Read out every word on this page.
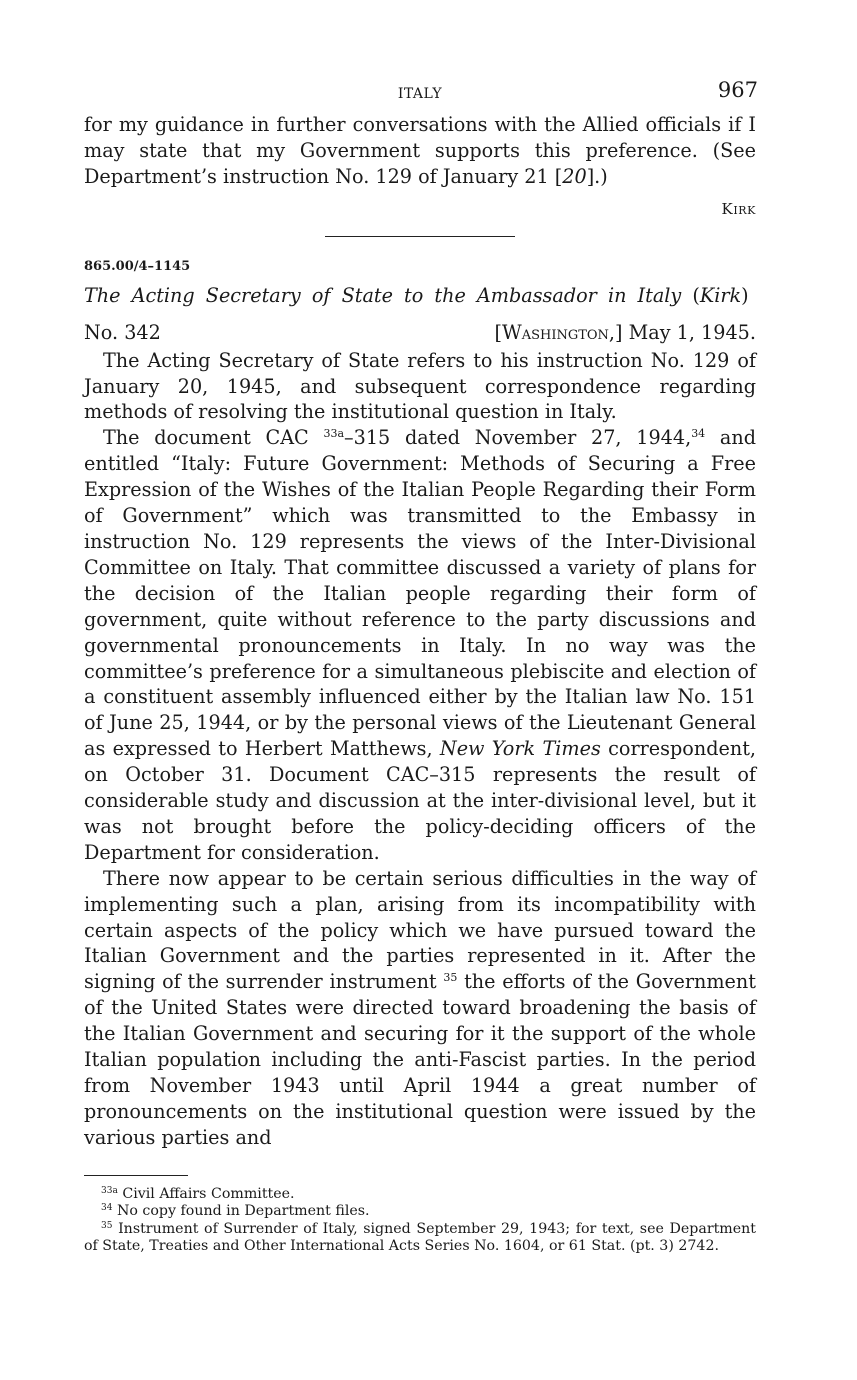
ITALY	967

for my guidance in further conversations with the Allied officials if I may state that my Government supports this preference. (See Department’s instruction No. 129 of January 21 [20].)

Kirk
865.00/4–1145
The Acting Secretary of State to the Ambassador in Italy (Kirk)
No. 342	[Washington,] May 1, 1945.

The Acting Secretary of State refers to his instruction No. 129 of January 20, 1945, and subsequent correspondence regarding methods of resolving the institutional question in Italy.

The document CAC $^{33a}$–315 dated November 27, 1944,34 and entitled “Italy: Future Government: Methods of Securing a Free Expression of the Wishes of the Italian People Regarding their Form of Government” which was transmitted to the Embassy in instruction No. 129 represents the views of the Inter-Divisional Committee on Italy. That committee discussed a variety of plans for the decision of the Italian people regarding their form of government, quite without reference to the party discussions and governmental pronouncements in Italy. In no way was the committee’s preference for a simultaneous plebiscite and election of a constituent assembly influenced either by the Italian law No. 151 of June 25, 1944, or by the personal views of the Lieutenant General as expressed to Herbert Matthews, New York Times correspondent, on October 31. Document CAC–315 represents the result of considerable study and discussion at the inter-divisional level, but it was not brought before the policy-deciding officers of the Department for consideration.

There now appear to be certain serious difficulties in the way of implementing such a plan, arising from its incompatibility with certain aspects of the policy which we have pursued toward the Italian Government and the parties represented in it. After the signing of the surrender instrument $^{35}$ the efforts of the Government of the United States were directed toward broadening the basis of the Italian Government and securing for it the support of the whole Italian population including the anti-Fascist parties. In the period from November 1943 until April 1944 a great number of pronouncements on the institutional question were issued by the various parties and

$^{33a}$ Civil Affairs Committee.

$^{34}$ No copy found in Department files.

$^{35}$ Instrument of Surrender of Italy, signed September 29, 1943; for text, see Department of State, Treaties and Other International Acts Series No. 1604, or 61 Stat. (pt. 3) 2742.
